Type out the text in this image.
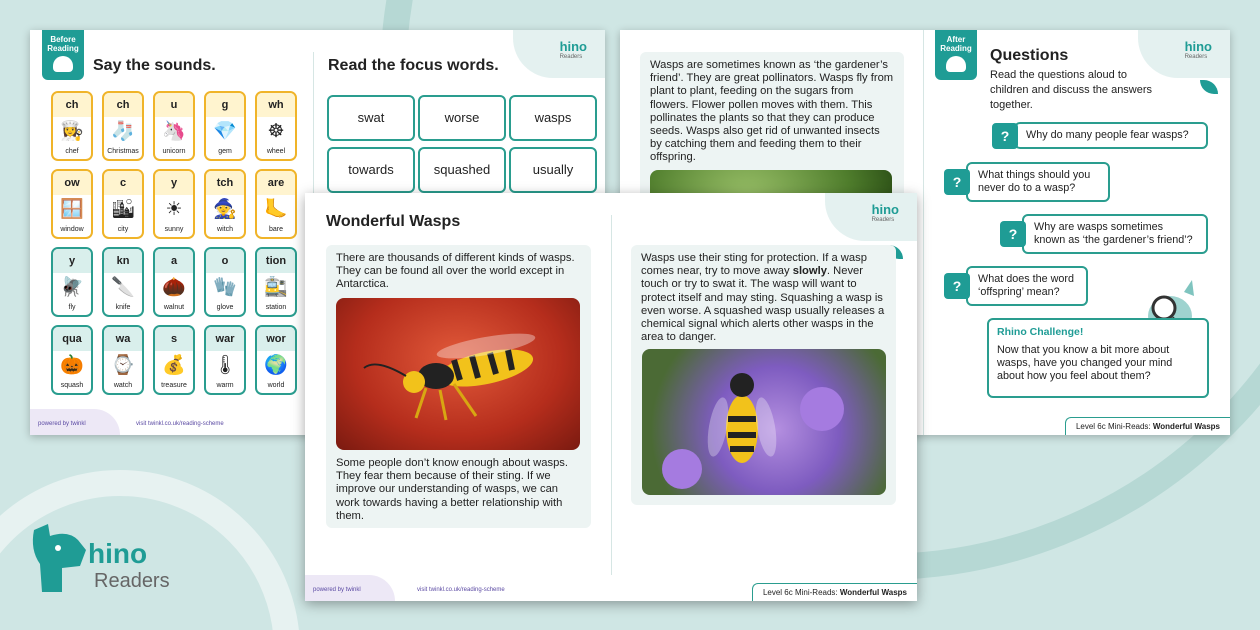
Before Reading
Say the sounds.	Read the focus words.
hino
Readers
ch
👩‍🍳
chef
ch
🧦
Christmas
u
🦄
unicorn
g
💎
gem
wh
☸
wheel
ow
🪟
window
c
🏙
city
y
☀
sunny
tch
🧙
witch
are
🦶
bare
y
🪰
fly
kn
🔪
knife
a
🌰
walnut
o
🧤
glove
tion
🚉
station
qua
🎃
squash
wa
⌚
watch
s
💰
treasure
war
🌡
warm
wor
🌍
world
swat	worse	wasps
towards	squashed	usually
powered by twinkl	visit twinkl.co.uk/reading-scheme
Wasps are sometimes known as ‘the gardener’s friend’. They are great pollinators. Wasps fly from plant to plant, feeding on the sugars from flowers. Flower pollen moves with them. This pollinates the plants so that they can produce seeds. Wasps also get rid of unwanted insects by catching them and feeding them to their offspring.
After Reading	hino
Readers
Questions
Read the questions aloud to children and discuss the answers together.
?	Why do many people fear wasps?
?	What things should you never do to a wasp?
?	Why are wasps sometimes known as ‘the gardener’s friend’?
?	What does the word ‘offspring’ mean?
Rhino Challenge!
Now that you know a bit more about wasps, have you changed your mind about how you feel about them?
Level 6c Mini-Reads: Wonderful Wasps
Wonderful Wasps
hino
Readers
There are thousands of different kinds of wasps. They can be found all over the world except in Antarctica.
Some people don’t know enough about wasps. They fear them because of their sting. If we improve our understanding of wasps, we can work towards having a better relationship with them.
Wasps use their sting for protection. If a wasp comes near, try to move away slowly. Never touch or try to swat it. The wasp will want to protect itself and may sting. Squashing a wasp is even worse. A squashed wasp usually releases a chemical signal which alerts other wasps in the area to danger.
powered by twinkl	visit twinkl.co.uk/reading-scheme	Level 6c Mini-Reads: Wonderful Wasps
hino
Readers
